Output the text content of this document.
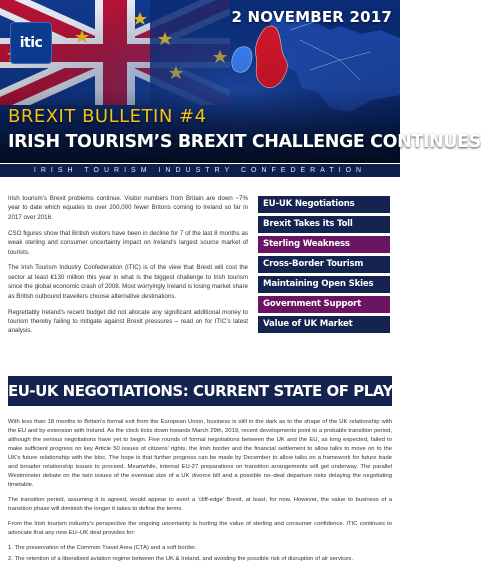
itic
2 NOVEMBER 2017
BREXIT BULLETIN #4
IRISH TOURISM’S BREXIT CHALLENGE CONTINUES
IRISH TOURISM INDUSTRY CONFEDERATION

Irish tourism’s Brexit problems continue. Visitor numbers from Britain are down ~7% year to date which equates to over 200,000 fewer Britons coming to Ireland so far in 2017 over 2016.

CSO figures show that British visitors have been in decline for 7 of the last 8 months as weak sterling and consumer uncertainty impact on Ireland’s largest source market of tourists.

The Irish Tourism Industry Confederation (ITIC) is of the view that Brexit will cost the sector at least €130 million this year in what is the biggest challenge to Irish tourism since the global economic crash of 2008. Most worryingly Ireland is losing market share as British outbound travellers choose alternative destinations.

Regrettably Ireland’s recent budget did not allocate any significant additional money to tourism thereby failing to mitigate against Brexit pressures – read on for ITIC’s latest analysis.

EU-UK Negotiations
Brexit Takes its Toll
Sterling Weakness
Cross-Border Tourism
Maintaining Open Skies
Government Support
Value of UK Market
EU-UK NEGOTIATIONS: CURRENT STATE OF PLAY

With less than 18 months to Britain’s formal exit from the European Union, business is still in the dark as to the shape of the UK relationship with the EU and by extension with Ireland. As the clock ticks down towards March 29th, 2019, recent developments point to a probable transition period, although the serious negotiations have yet to begin. Five rounds of formal negotiations between the UK and the EU, as long expected, failed to make sufficient progress on key Article 50 issues of citizens’ rights, the Irish border and the financial settlement to allow talks to move on to the UK’s future relationship with the bloc. The hope is that further progress can be made by December to allow talks on a framework for future trade and broader relationship issues to proceed. Meanwhile, internal EU-27 preparations on transition arrangements will get underway. The parallel Westminster debate on the twin issues of the eventual size of a UK divorce bill and a possible no–deal departure risks delaying the negotiating timetable.

The transition period, assuming it is agreed, would appear to avert a ‘cliff-edge’ Brexit, at least, for now. However, the value to business of a transition phase will diminish the longer it takes to define the terms.

From the Irish tourism industry’s perspective the ongoing uncertainty is hurting the value of sterling and consumer confidence. ITIC continues to advocate that any new EU–UK deal provides for:

1. The preservation of the Common Travel Area (CTA) and a soft border.
2. The retention of a liberalised aviation regime between the UK & Ireland, and avoiding the possible risk of disruption of air services.
